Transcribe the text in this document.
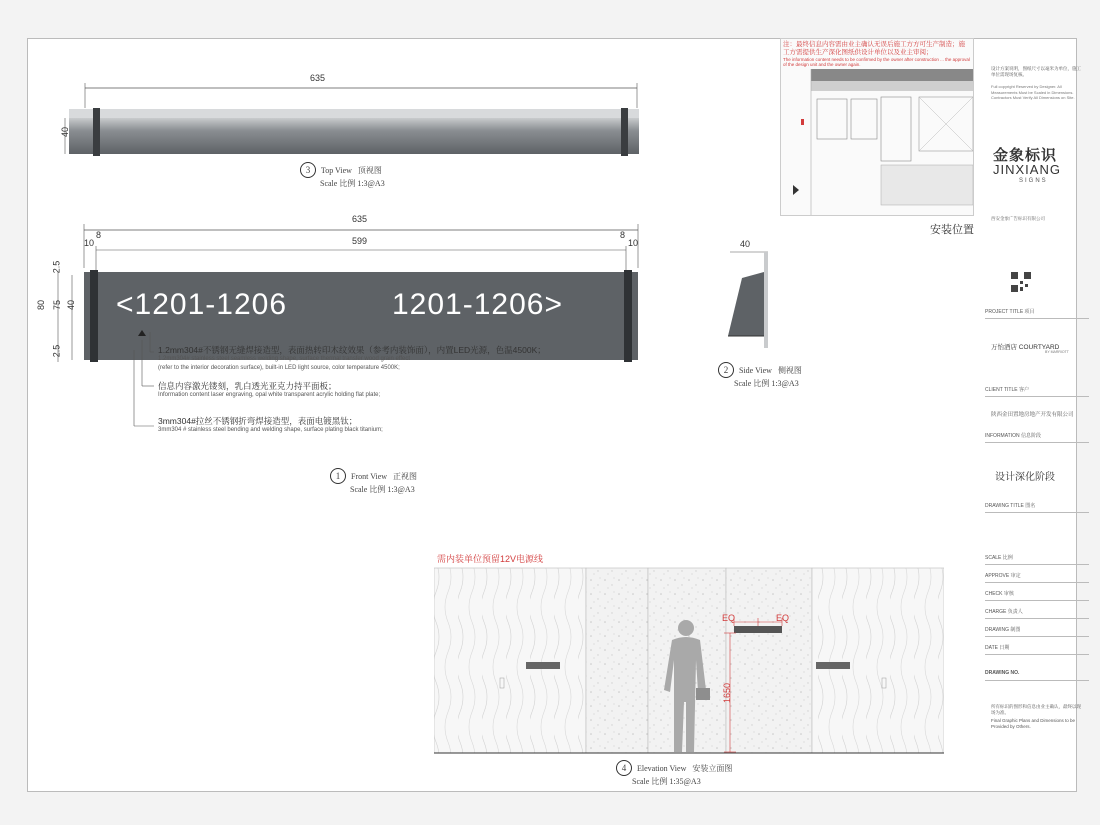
635
40
3 Top View 顶视图
Scale 比例 1:3@A3
635
599
10
8
10
8
80 75 40
2.5
2.5
<1201-1206	1201-1206>
1.2mm304#不锈钢无缝焊接造型，表面热转印木纹效果（参考内装饰面），内置LED光源，色温4500K；
1.2mm304# stainless steel seamless welding shape, surface thermal transfer wood grain effect
(refer to the interior decoration surface), built-in LED light source, color temperature 4500K;
信息内容激光镂刻，乳白透光亚克力持平面板；
Information content laser engraving, opal white transparent acrylic holding flat plate;
3mm304#拉丝不锈钢折弯焊接造型，表面电镀黑钛；
3mm304 # stainless steel bending and welding shape, surface plating black titanium;
1 Front View 正视图
Scale 比例 1:3@A3
40
2 Side View 侧视图
Scale 比例 1:3@A3
注：最终信息内容需由业主确认无误后施工方方可生产制造；施工方需提供生产深化图纸供设计单位以及业主审阅；
The information content needs to be confirmed by the owner after construction ... the approval of the design unit and the owner again.
安装位置
设计方案说明，图纸尺寸以毫米为单位，施工单位需现场复核。
Full copyright Reserved by Designer. All Measurements Must be Scaled in Dimensions. Contractors Must Verify All Dimensions on Site.
金象标识
JINXIANG
SIGNS
西安金象广告标识有限公司
PROJECT TITLE 项目
万怡酒店 COURTYARD
BY MARRIOTT
CLIENT TITLE 客户
陕西金田置地房地产开发有限公司
INFORMATION 信息阶段
设计深化阶段
DRAWING TITLE 图名
SCALE 比例
APPROVE 审定
CHECK 审核
CHARGE 负责人
DRAWING 制图
DATE 日期
DRAWING NO.
所有标识的图形和信息由业主确认，最终以现场为准。
Final Graphic Plans and Dimensions to be Provided by Others.
需内装单位预留12V电源线
EQ	EQ
1650
4 Elevation View 安装立面图
Scale 比例 1:35@A3
